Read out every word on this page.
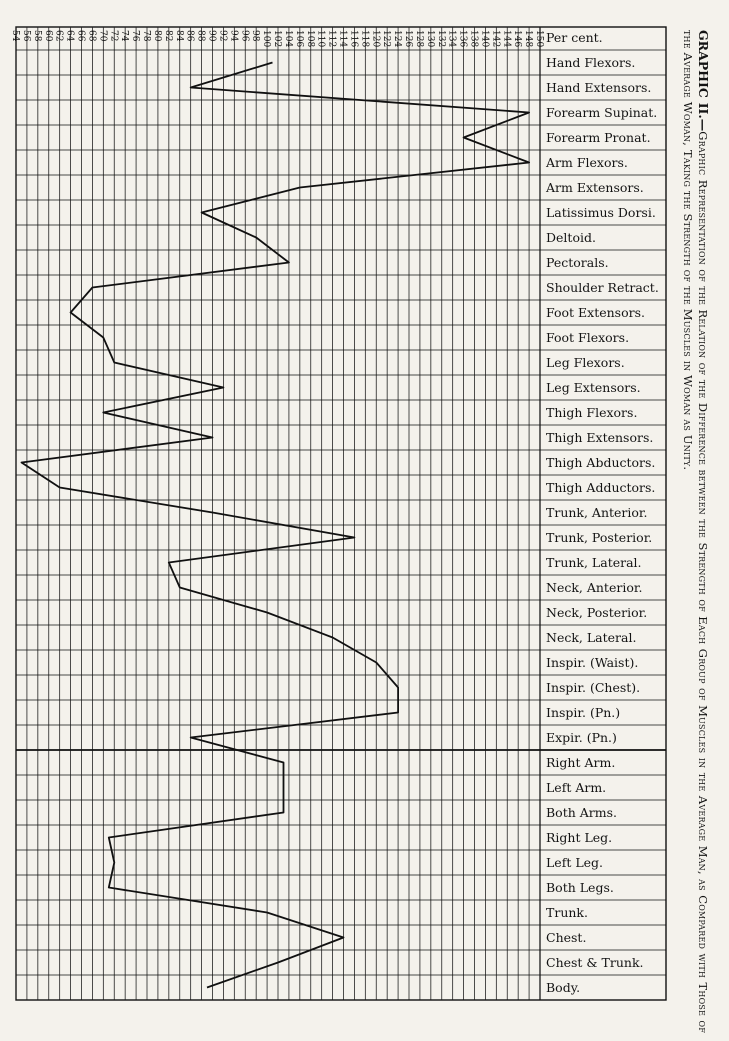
54 56 58 60 62 64 66 68 70 72 74 76 78 80 82 84 86 88 90 92 94 96 98 100 102 104 106 108 110 112 114 116 118 120 122 124 126 128 130 132 134 136 138 140 142 144 146 148 150 Per cent.
Hand Flexors.
Hand Extensors.
Forearm Supinat.
Forearm Pronat.
Arm Flexors.
Arm Extensors.
Latissimus Dorsi.
Deltoid.
Pectorals.
Shoulder Retract.
Foot Extensors.
Foot Flexors.
Leg Flexors.
Leg Extensors.
Thigh Flexors.
Thigh Extensors.
Thigh Abductors.
Thigh Adductors.
Trunk, Anterior.
Trunk, Posterior.
Trunk, Lateral.
Neck, Anterior.
Neck, Posterior.
Neck, Lateral.
Inspir. (Waist).
Inspir. (Chest).
Inspir. (Pn.)
Expir. (Pn.)
Right Arm.
Left Arm.
Both Arms.
Right Leg.
Left Leg.
Both Legs.
Trunk.
Chest.
Chest & Trunk.
Body.
GRAPHIC II.—Graphic Representation of the Relation of the Difference between the Strength of Each Group of Muscles in the Average Man, as Compared with Those of the Average Woman, Taking the Strength of the Muscles in Woman as Unity.
